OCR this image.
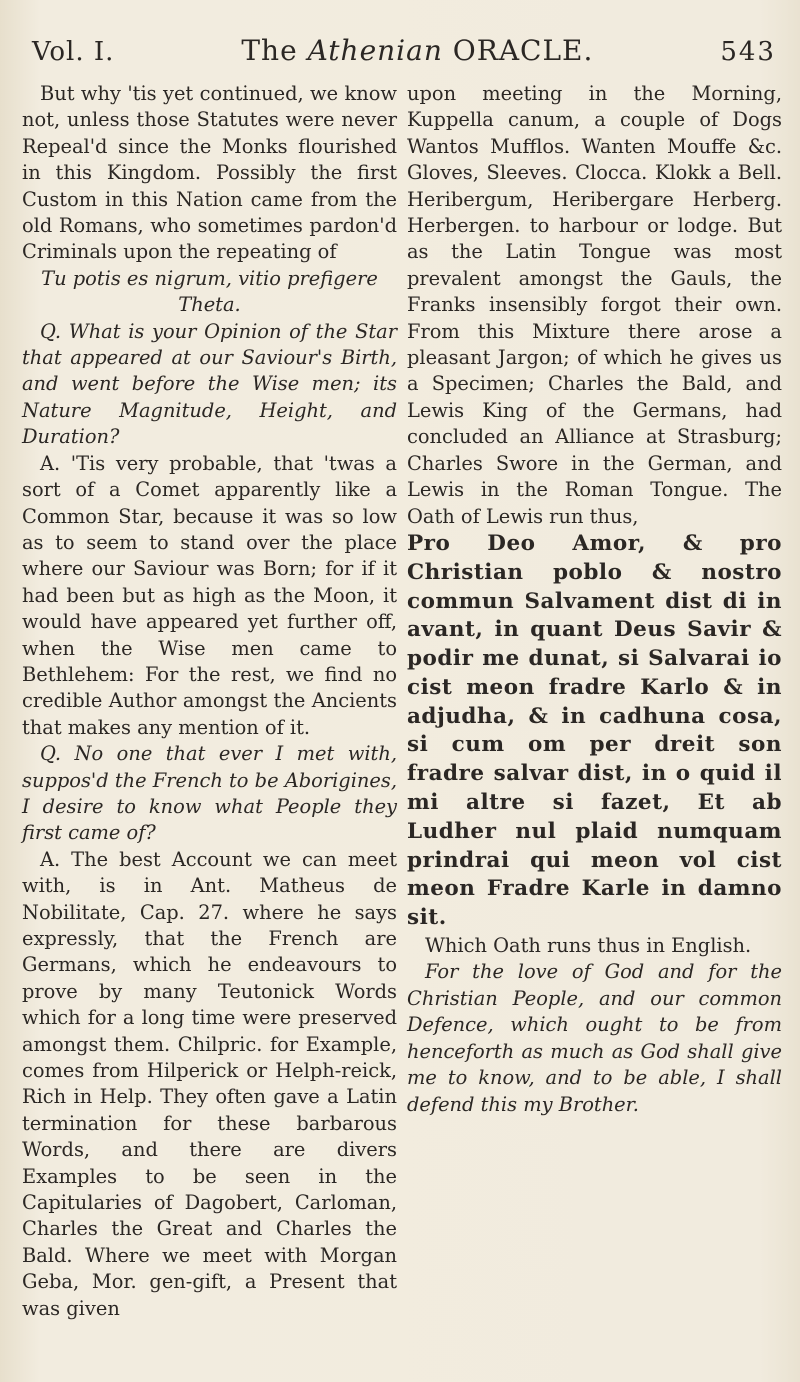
Vol. I.	The Athenian ORACLE.	543

But why 'tis yet continued, we know not, unless those Statutes were never Repeal'd since the Monks flourished in this Kingdom. Possibly the first Custom in this Nation came from the old Romans, who sometimes pardon'd Criminals upon the repeating of

Tu potis es nigrum, vitio prefigere Theta.

Q. What is your Opinion of the Star that appeared at our Saviour's Birth, and went before the Wise men; its Nature Magnitude, Height, and Duration?

A. 'Tis very probable, that 'twas a sort of a Comet apparently like a Common Star, because it was so low as to seem to stand over the place where our Saviour was Born; for if it had been but as high as the Moon, it would have appeared yet further off, when the Wise men came to Bethlehem: For the rest, we find no credible Author amongst the Ancients that makes any mention of it.

Q. No one that ever I met with, suppos'd the French to be Aborigines, I desire to know what People they first came of?

A. The best Account we can meet with, is in Ant. Matheus de Nobilitate, Cap. 27. where he says expressly, that the French are Germans, which he endeavours to prove by many Teutonick Words which for a long time were preserved amongst them. Chilpric. for Example, comes from Hilperick or Helph-reick, Rich in Help. They often gave a Latin termination for these barbarous Words, and there are divers Examples to be seen in the Capitularies of Dagobert, Carloman, Charles the Great and Charles the Bald. Where we meet with Morgan Geba, Mor. gen-gift, a Present that was given

upon meeting in the Morning, Kuppella canum, a couple of Dogs Wantos Mufflos. Wanten Mouffe &c. Gloves, Sleeves. Clocca. Klokk a Bell. Heribergum, Heribergare Herberg. Herbergen. to harbour or lodge. But as the Latin Tongue was most prevalent amongst the Gauls, the Franks insensibly forgot their own. From this Mixture there arose a pleasant Jargon; of which he gives us a Specimen; Charles the Bald, and Lewis King of the Germans, had concluded an Alliance at Strasburg; Charles Swore in the German, and Lewis in the Roman Tongue. The Oath of Lewis run thus,

Pro Deo Amor, & pro Christian poblo & nostro commun Salvament dist di in avant, in quant Deus Savir & podir me dunat, si Salvarai io cist meon fradre Karlo & in adjudha, & in cadhuna cosa, si cum om per dreit son fradre salvar dist, in o quid il mi altre si fazet, Et ab Ludher nul plaid numquam prindrai qui meon vol cist meon Fradre Karle in damno sit.

Which Oath runs thus in English.

For the love of God and for the Christian People, and our common Defence, which ought to be from henceforth as much as God shall give me to know, and to be able, I shall defend this my Brother.
